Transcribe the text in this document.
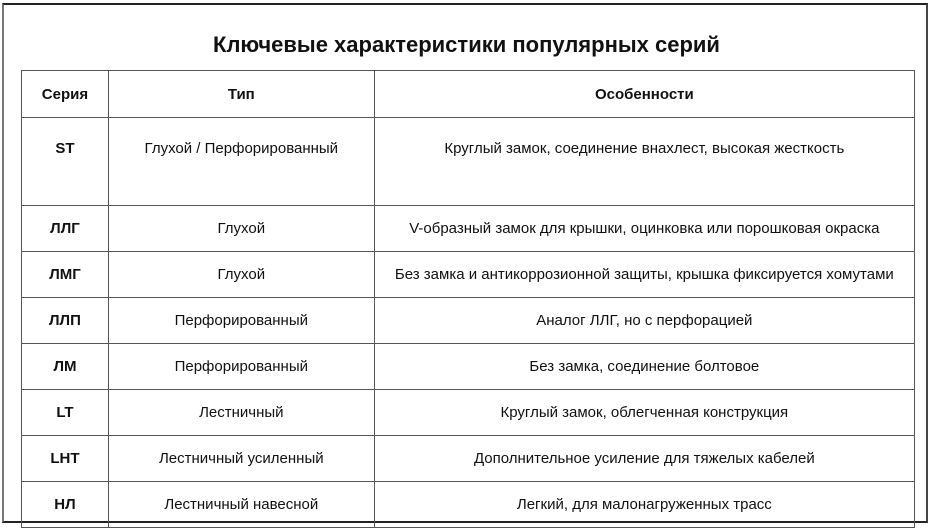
Ключевые характеристики популярных серий
Серия	Тип	Особенности
ST	Глухой / Перфорированный	Круглый замок, соединение внахлест, высокая жесткость
ЛЛГ	Глухой	V-образный замок для крышки, оцинковка или порошковая окраска
ЛМГ	Глухой	Без замка и антикоррозионной защиты, крышка фиксируется хомутами
ЛЛП	Перфорированный	Аналог ЛЛГ, но с перфорацией
ЛМ	Перфорированный	Без замка, соединение болтовое
LT	Лестничный	Круглый замок, облегченная конструкция
LHT	Лестничный усиленный	Дополнительное усиление для тяжелых кабелей
НЛ	Лестничный навесной	Легкий, для малонагруженных трасс
